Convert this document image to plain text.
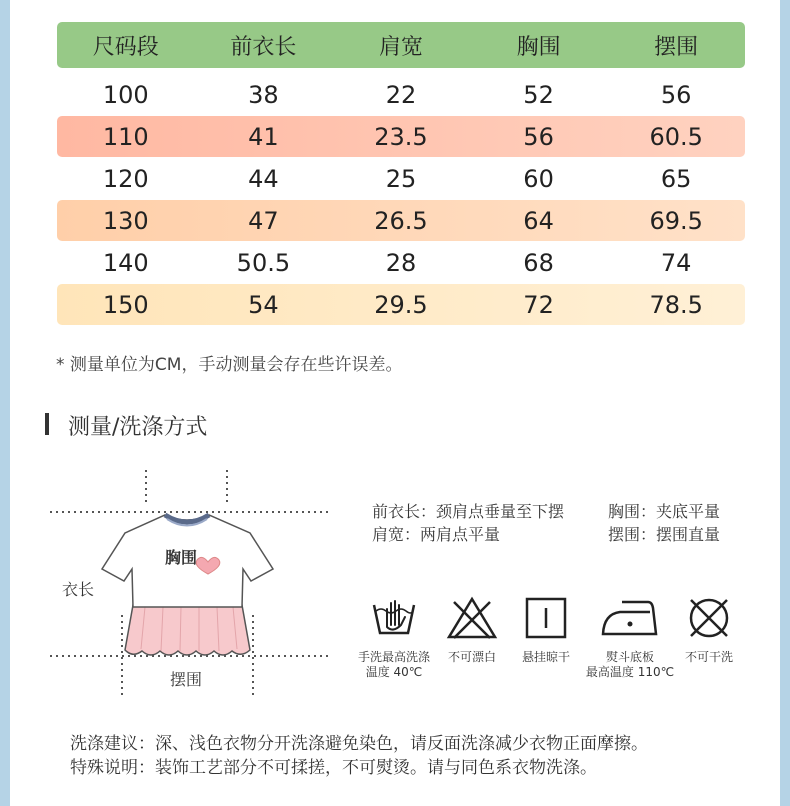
尺码段	前衣长	肩宽	胸围	摆围
100	38	22	52	56
110	41	23.5	56	60.5
120	44	25	60	65
130	47	26.5	64	69.5
140	50.5	28	68	74
150	54	29.5	72	78.5
* 测量单位为CM，手动测量会存在些许误差。
测量/洗涤方式
胸围
衣长
摆围
前衣长：颈肩点垂量至下摆
肩宽：两肩点平量
胸围：夹底平量
摆围：摆围直量
手洗最高洗涤
温度 40℃
不可漂白	悬挂晾干	熨斗底板
最高温度 110℃
不可干洗
洗涤建议：深、浅色衣物分开洗涤避免染色，请反面洗涤减少衣物正面摩擦。
特殊说明：装饰工艺部分不可揉搓，不可熨烫。请与同色系衣物洗涤。
